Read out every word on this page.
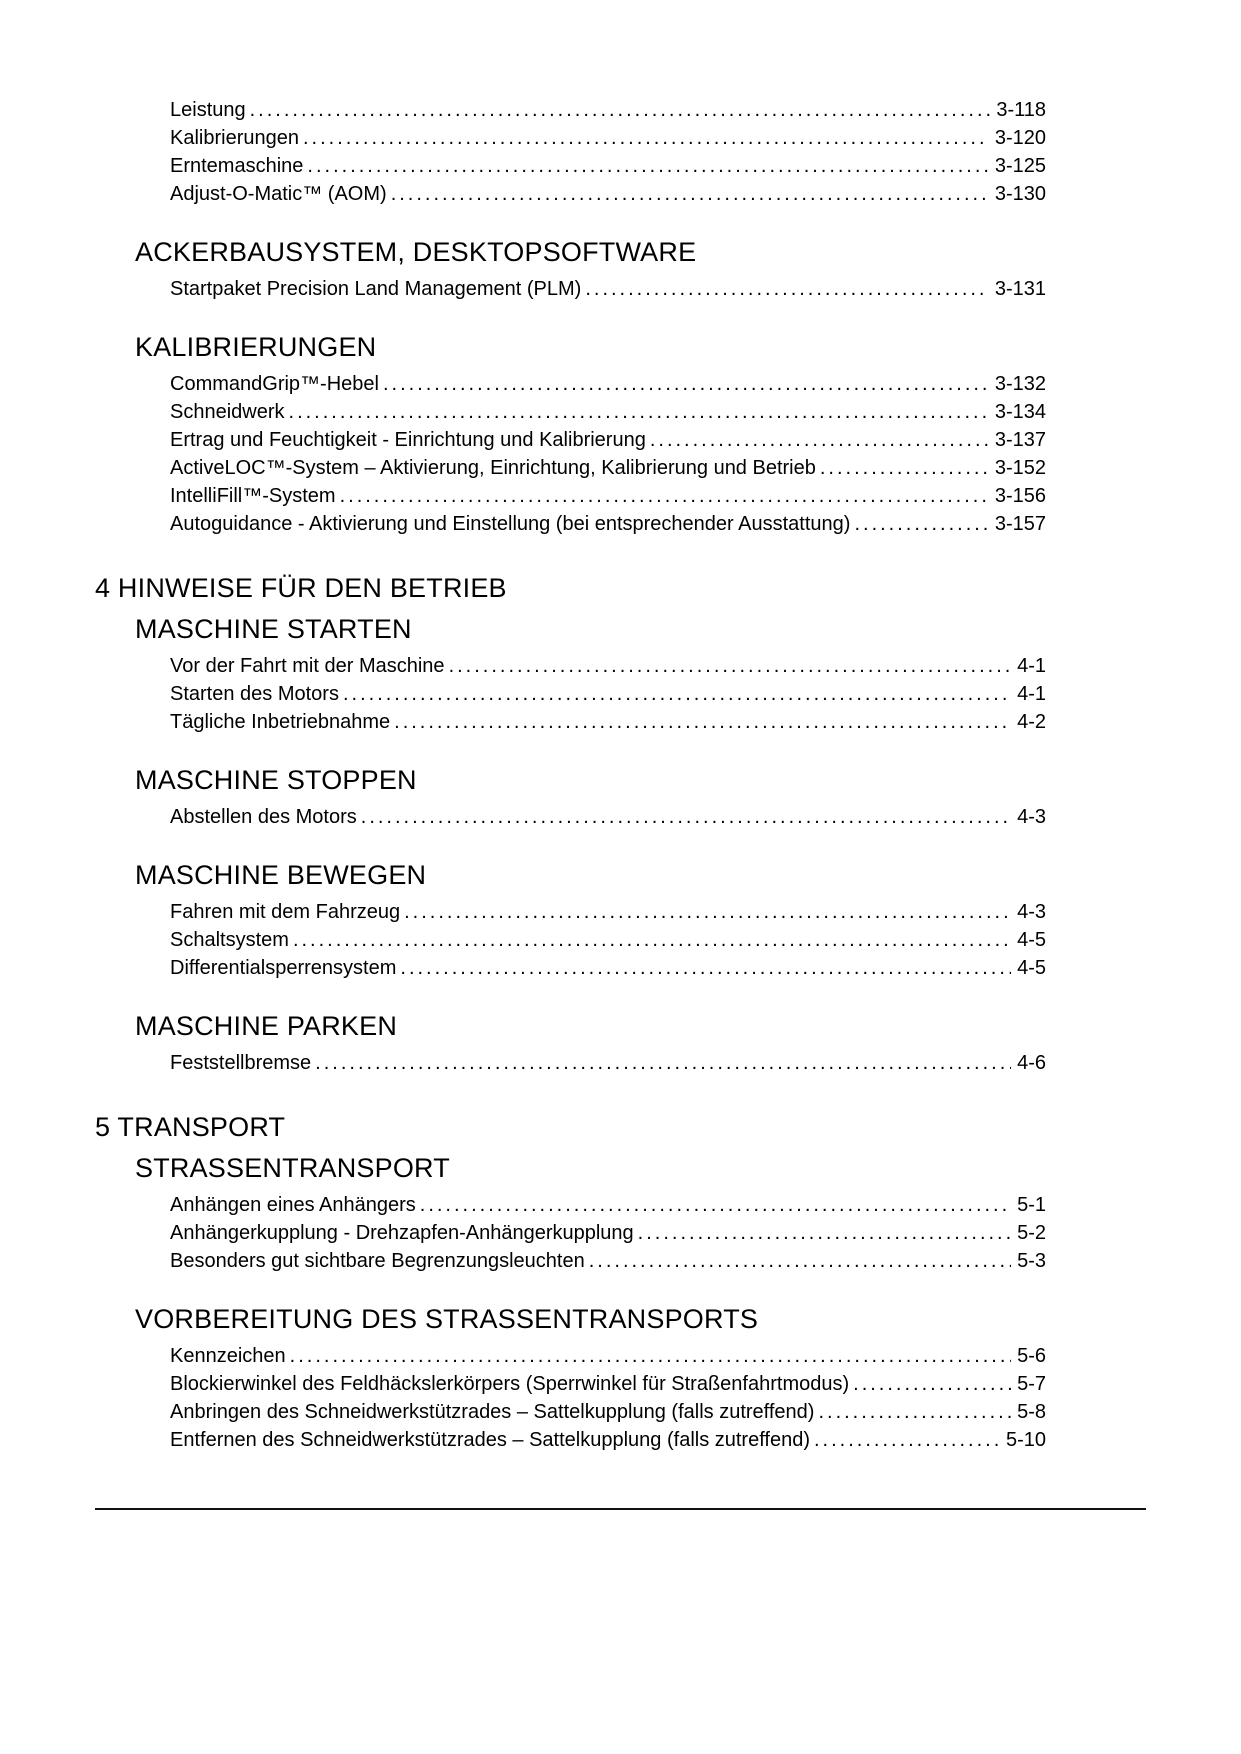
Leistung .....	3-118
Kalibrierungen .....	3-120
Erntemaschine .....	3-125
Adjust-O-Matic™ (AOM) .....	3-130
ACKERBAUSYSTEM, DESKTOPSOFTWARE
Startpaket Precision Land Management (PLM) .....	3-131
KALIBRIERUNGEN
CommandGrip™-Hebel .....	3-132
Schneidwerk .....	3-134
Ertrag und Feuchtigkeit - Einrichtung und Kalibrierung .....	3-137
ActiveLOC™-System – Aktivierung, Einrichtung, Kalibrierung und Betrieb .....	3-152
IntelliFill™-System .....	3-156
Autoguidance - Aktivierung und Einstellung (bei entsprechender Ausstattung) .....	3-157
4 HINWEISE FÜR DEN BETRIEB
MASCHINE STARTEN
Vor der Fahrt mit der Maschine .....	4-1
Starten des Motors .....	4-1
Tägliche Inbetriebnahme .....	4-2
MASCHINE STOPPEN
Abstellen des Motors .....	4-3
MASCHINE BEWEGEN
Fahren mit dem Fahrzeug .....	4-3
Schaltsystem .....	4-5
Differentialsperrensystem .....	4-5
MASCHINE PARKEN
Feststellbremse .....	4-6
5 TRANSPORT
STRASSENTRANSPORT
Anhängen eines Anhängers .....	5-1
Anhängerkupplung - Drehzapfen-Anhängerkupplung .....	5-2
Besonders gut sichtbare Begrenzungsleuchten .....	5-3
VORBEREITUNG DES STRASSENTRANSPORTS
Kennzeichen .....	5-6
Blockierwinkel des Feldhäckslerkörpers (Sperrwinkel für Straßenfahrtmodus) .....	5-7
Anbringen des Schneidwerkstützrades – Sattelkupplung (falls zutreffend) .....	5-8
Entfernen des Schneidwerkstützrades – Sattelkupplung (falls zutreffend) .....	5-10
